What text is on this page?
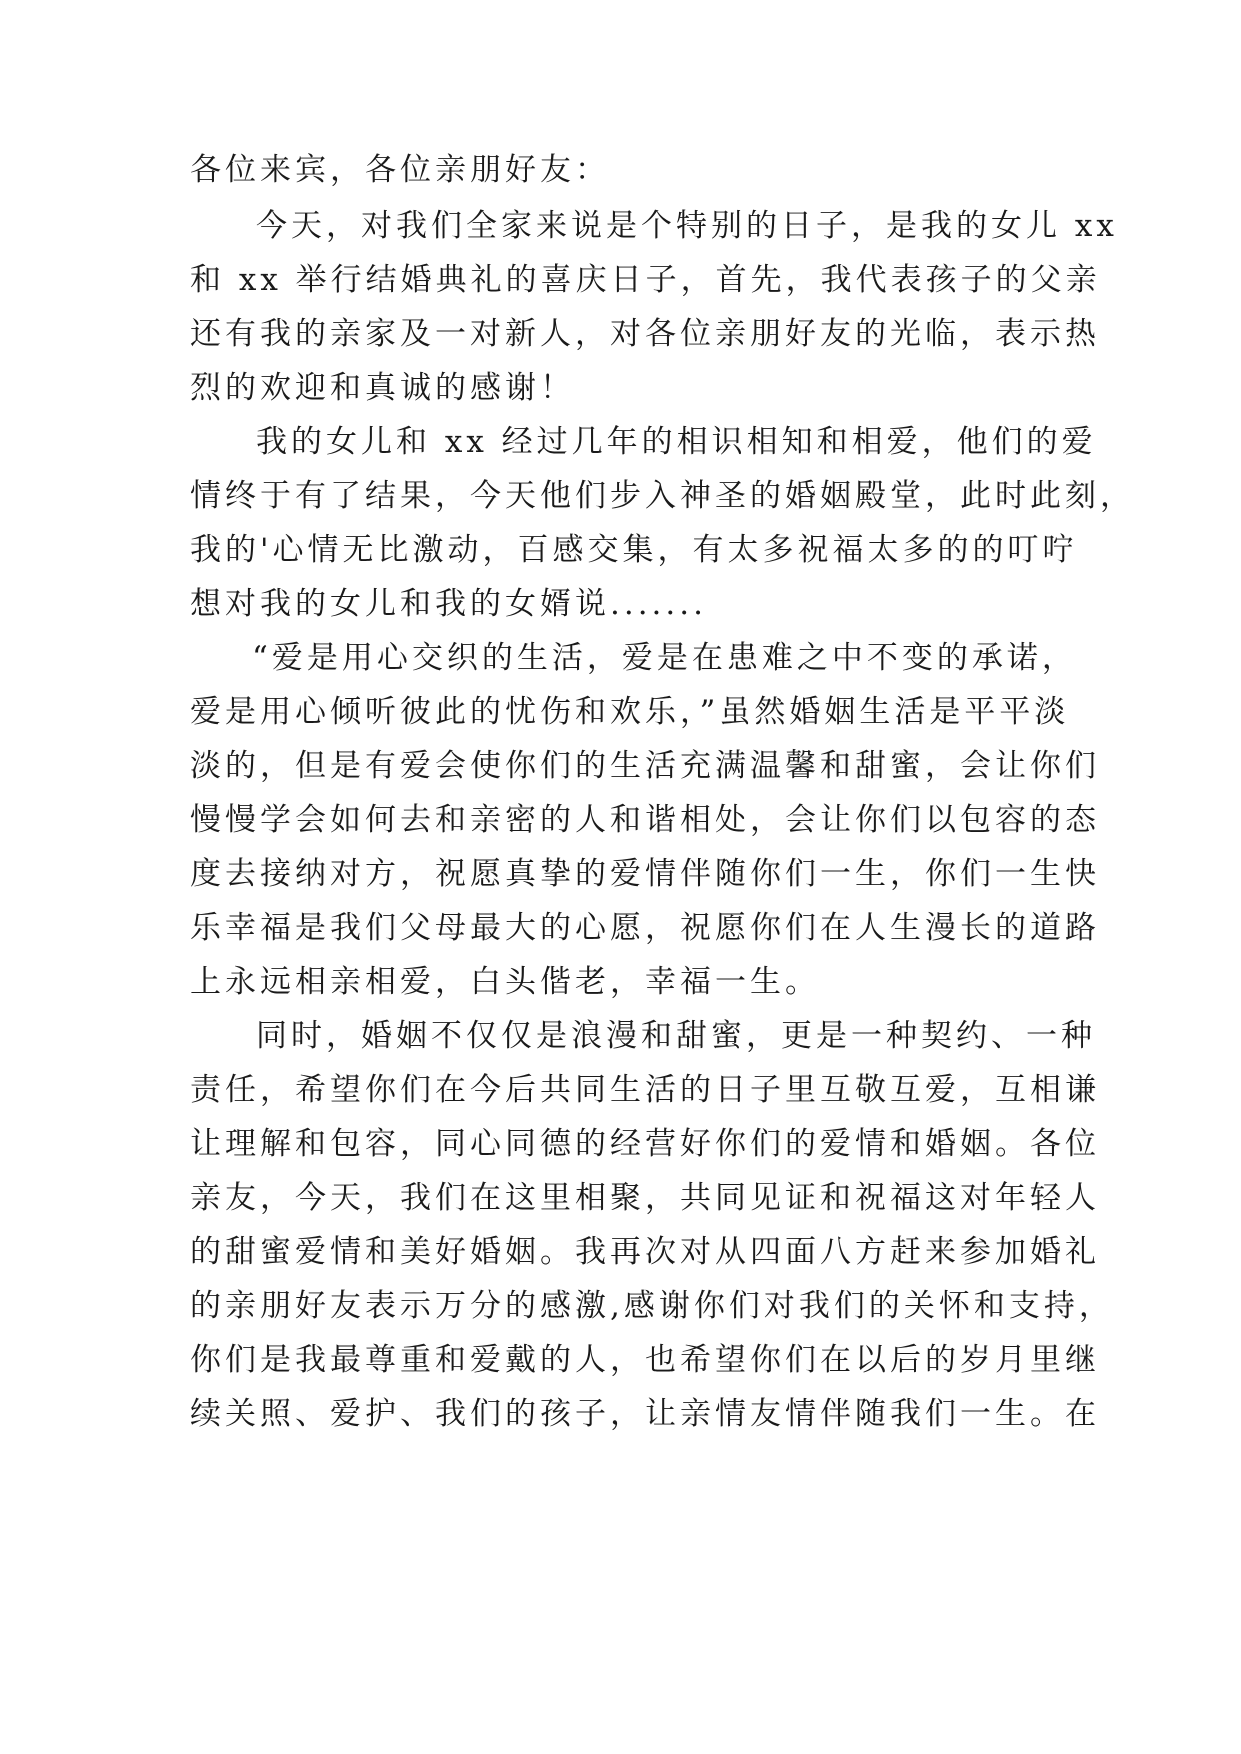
各位来宾，各位亲朋好友：
今天，对我们全家来说是个特别的日子，是我的女儿 xx
和 xx 举行结婚典礼的喜庆日子，首先，我代表孩子的父亲
还有我的亲家及一对新人，对各位亲朋好友的光临，表示热
烈的欢迎和真诚的感谢！
我的女儿和 xx 经过几年的相识相知和相爱，他们的爱
情终于有了结果，今天他们步入神圣的婚姻殿堂，此时此刻，
我的'心情无比激动，百感交集，有太多祝福太多的的叮咛
想对我的女儿和我的女婿说.......
“爱是用心交织的生活，爱是在患难之中不变的承诺，
爱是用心倾听彼此的忧伤和欢乐，”虽然婚姻生活是平平淡
淡的，但是有爱会使你们的生活充满温馨和甜蜜，会让你们
慢慢学会如何去和亲密的人和谐相处，会让你们以包容的态
度去接纳对方，祝愿真挚的爱情伴随你们一生，你们一生快
乐幸福是我们父母最大的心愿，祝愿你们在人生漫长的道路
上永远相亲相爱，白头偕老，幸福一生。
同时，婚姻不仅仅是浪漫和甜蜜，更是一种契约、一种
责任，希望你们在今后共同生活的日子里互敬互爱，互相谦
让理解和包容，同心同德的经营好你们的爱情和婚姻。各位
亲友，今天，我们在这里相聚，共同见证和祝福这对年轻人
的甜蜜爱情和美好婚姻。我再次对从四面八方赶来参加婚礼
的亲朋好友表示万分的感激,感谢你们对我们的关怀和支持，
你们是我最尊重和爱戴的人，也希望你们在以后的岁月里继
续关照、爱护、我们的孩子，让亲情友情伴随我们一生。在
